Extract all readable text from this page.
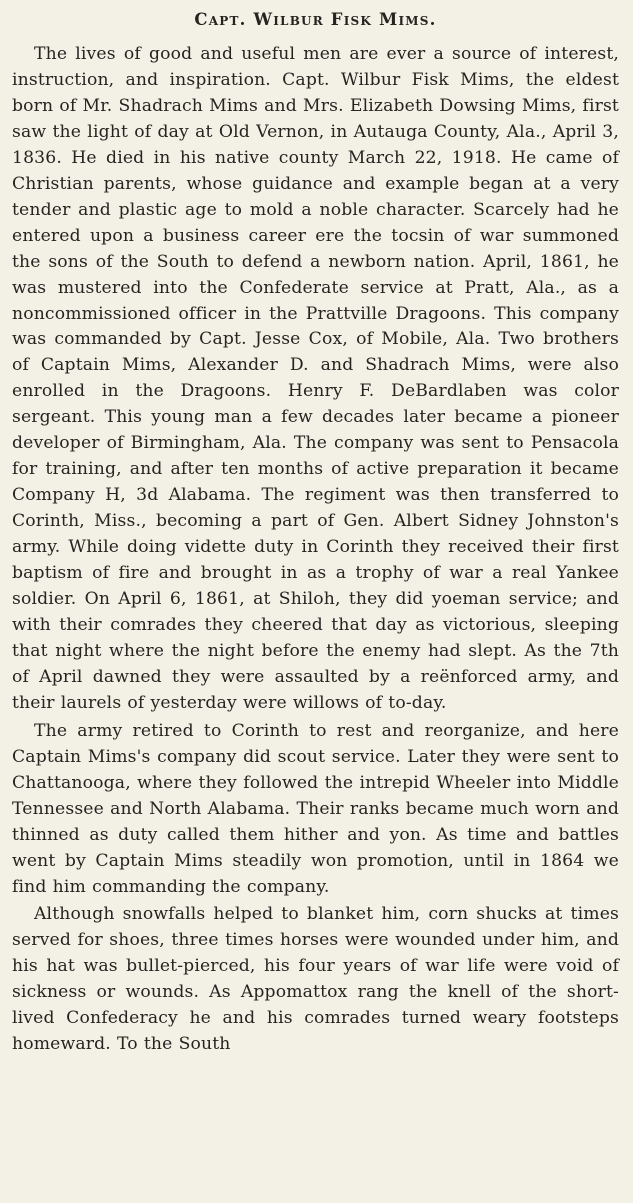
Capt. Wilbur Fisk Mims.

The lives of good and useful men are ever a source of interest, instruction, and inspiration. Capt. Wilbur Fisk Mims, the eldest born of Mr. Shadrach Mims and Mrs. Elizabeth Dowsing Mims, first saw the light of day at Old Vernon, in Autauga County, Ala., April 3, 1836. He died in his native county March 22, 1918. He came of Christian parents, whose guidance and example began at a very tender and plastic age to mold a noble character. Scarcely had he entered upon a business career ere the tocsin of war summoned the sons of the South to defend a newborn nation. April, 1861, he was mustered into the Confederate service at Pratt, Ala., as a noncommissioned officer in the Prattville Dragoons. This company was commanded by Capt. Jesse Cox, of Mobile, Ala. Two brothers of Captain Mims, Alexander D. and Shadrach Mims, were also enrolled in the Dragoons. Henry F. DeBardlaben was color sergeant. This young man a few decades later became a pioneer developer of Birmingham, Ala. The company was sent to Pensacola for training, and after ten months of active preparation it became Company H, 3d Alabama. The regiment was then transferred to Corinth, Miss., becoming a part of Gen. Albert Sidney Johnston's army. While doing vidette duty in Corinth they received their first baptism of fire and brought in as a trophy of war a real Yankee soldier. On April 6, 1861, at Shiloh, they did yoeman service; and with their comrades they cheered that day as victorious, sleeping that night where the night before the enemy had slept. As the 7th of April dawned they were assaulted by a reënforced army, and their laurels of yesterday were willows of to-day.

The army retired to Corinth to rest and reorganize, and here Captain Mims's company did scout service. Later they were sent to Chattanooga, where they followed the intrepid Wheeler into Middle Tennessee and North Alabama. Their ranks became much worn and thinned as duty called them hither and yon. As time and battles went by Captain Mims steadily won promotion, until in 1864 we find him commanding the company.

Although snowfalls helped to blanket him, corn shucks at times served for shoes, three times horses were wounded under him, and his hat was bullet-pierced, his four years of war life were void of sickness or wounds. As Appomattox rang the knell of the short-lived Confederacy he and his comrades turned weary footsteps homeward. To the South
